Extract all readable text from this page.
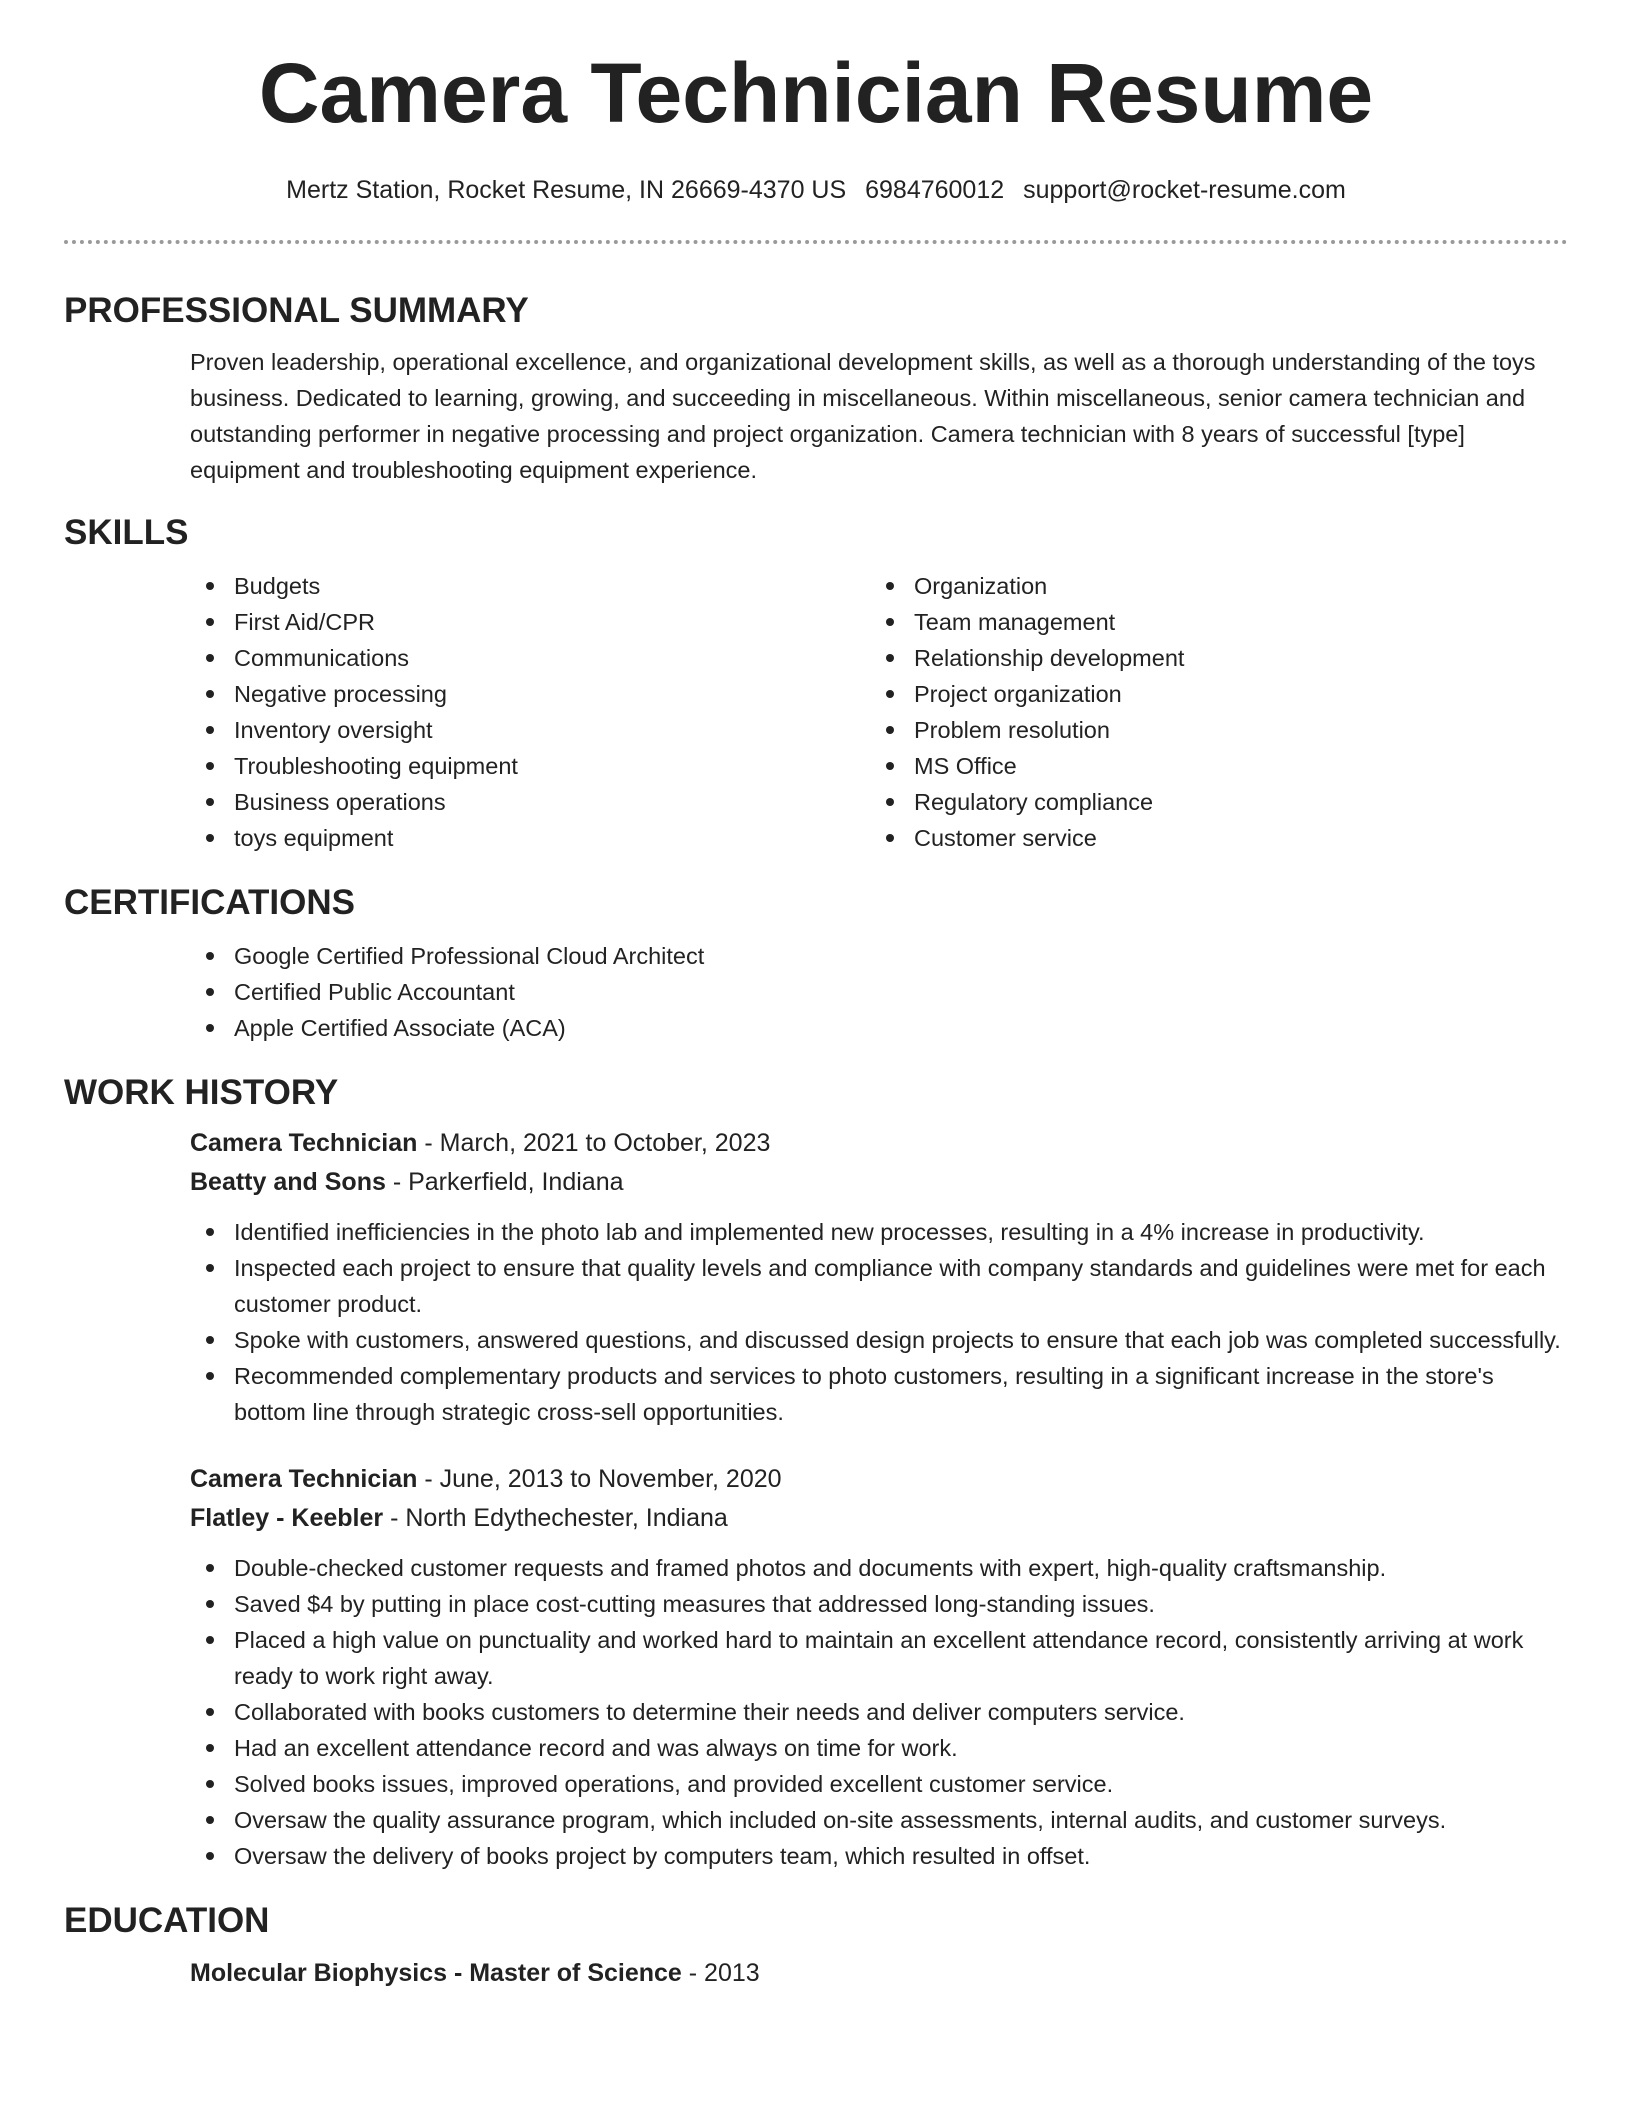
Camera Technician Resume
Mertz Station, Rocket Resume, IN 26669-4370 US 6984760012 support@rocket-resume.com
PROFESSIONAL SUMMARY

Proven leadership, operational excellence, and organizational development skills, as well as a thorough understanding of the toys business. Dedicated to learning, growing, and succeeding in miscellaneous. Within miscellaneous, senior camera technician and outstanding performer in negative processing and project organization. Camera technician with 8 years of successful [type] equipment and troubleshooting equipment experience.

SKILLS
Budgets
First Aid/CPR
Communications
Negative processing
Inventory oversight
Troubleshooting equipment
Business operations
toys equipment
Organization
Team management
Relationship development
Project organization
Problem resolution
MS Office
Regulatory compliance
Customer service
CERTIFICATIONS
Google Certified Professional Cloud Architect
Certified Public Accountant
Apple Certified Associate (ACA)
WORK HISTORY
Camera Technician - March, 2021 to October, 2023
Beatty and Sons - Parkerfield, Indiana
Identified inefficiencies in the photo lab and implemented new processes, resulting in a 4% increase in productivity.
Inspected each project to ensure that quality levels and compliance with company standards and guidelines were met for each customer product.
Spoke with customers, answered questions, and discussed design projects to ensure that each job was completed successfully.
Recommended complementary products and services to photo customers, resulting in a significant increase in the store's bottom line through strategic cross-sell opportunities.
Camera Technician - June, 2013 to November, 2020
Flatley - Keebler - North Edythechester, Indiana
Double-checked customer requests and framed photos and documents with expert, high-quality craftsmanship.
Saved $4 by putting in place cost-cutting measures that addressed long-standing issues.
Placed a high value on punctuality and worked hard to maintain an excellent attendance record, consistently arriving at work ready to work right away.
Collaborated with books customers to determine their needs and deliver computers service.
Had an excellent attendance record and was always on time for work.
Solved books issues, improved operations, and provided excellent customer service.
Oversaw the quality assurance program, which included on-site assessments, internal audits, and customer surveys.
Oversaw the delivery of books project by computers team, which resulted in offset.
EDUCATION
Molecular Biophysics - Master of Science - 2013
